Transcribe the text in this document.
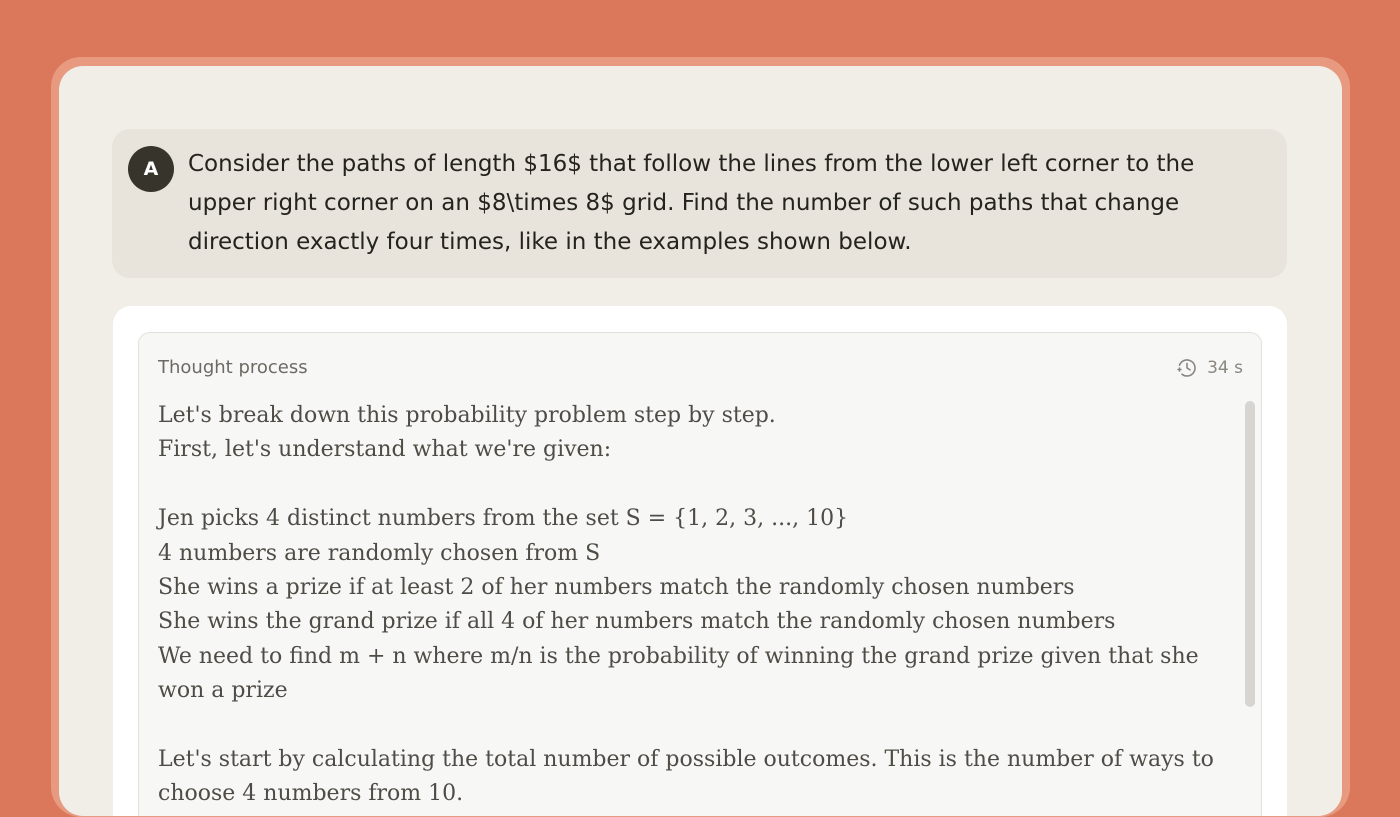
A	Consider the paths of length $16$ that follow the lines from the lower left corner to the upper right corner on an $8\times 8$ grid. Find the number of such paths that change direction exactly four times, like in the examples shown below.

Thought process	34 s
Let's break down this probability problem step by step.
First, let's understand what we're given:
Jen picks 4 distinct numbers from the set S = {1, 2, 3, ..., 10}
4 numbers are randomly chosen from S
She wins a prize if at least 2 of her numbers match the randomly chosen numbers
She wins the grand prize if all 4 of her numbers match the randomly chosen numbers
We need to find m + n where m/n is the probability of winning the grand prize given that she won a prize
Let's start by calculating the total number of possible outcomes. This is the number of ways to choose 4 numbers from 10.
